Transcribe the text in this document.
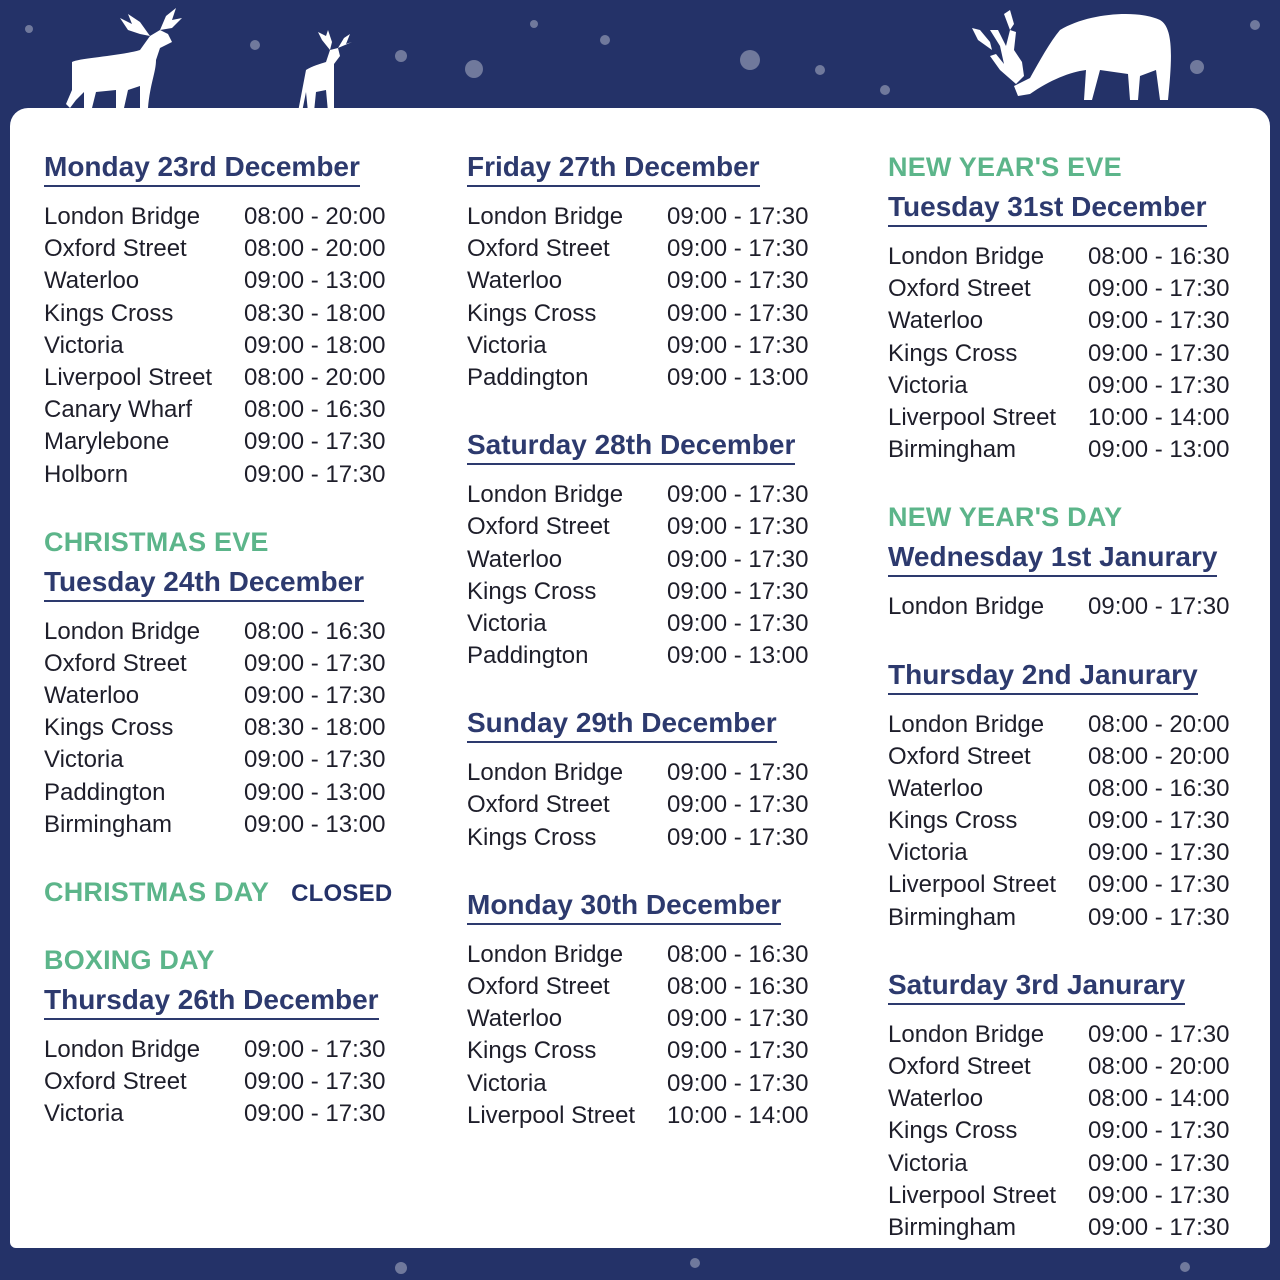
Monday 23rd December
London Bridge	08:00 - 20:00
Oxford Street	08:00 - 20:00
Waterloo	09:00 - 13:00
Kings Cross	08:30 - 18:00
Victoria	09:00 - 18:00
Liverpool Street	08:00 - 20:00
Canary Wharf	08:00 - 16:30
Marylebone	09:00 - 17:30
Holborn	09:00 - 17:30
CHRISTMAS EVE
Tuesday 24th December
London Bridge	08:00 - 16:30
Oxford Street	09:00 - 17:30
Waterloo	09:00 - 17:30
Kings Cross	08:30 - 18:00
Victoria	09:00 - 17:30
Paddington	09:00 - 13:00
Birmingham	09:00 - 13:00
CHRISTMAS DAY CLOSED
BOXING DAY
Thursday 26th December
London Bridge	09:00 - 17:30
Oxford Street	09:00 - 17:30
Victoria	09:00 - 17:30
Friday 27th December
London Bridge	09:00 - 17:30
Oxford Street	09:00 - 17:30
Waterloo	09:00 - 17:30
Kings Cross	09:00 - 17:30
Victoria	09:00 - 17:30
Paddington	09:00 - 13:00
Saturday 28th December
London Bridge	09:00 - 17:30
Oxford Street	09:00 - 17:30
Waterloo	09:00 - 17:30
Kings Cross	09:00 - 17:30
Victoria	09:00 - 17:30
Paddington	09:00 - 13:00
Sunday 29th December
London Bridge	09:00 - 17:30
Oxford Street	09:00 - 17:30
Kings Cross	09:00 - 17:30
Monday 30th December
London Bridge	08:00 - 16:30
Oxford Street	08:00 - 16:30
Waterloo	09:00 - 17:30
Kings Cross	09:00 - 17:30
Victoria	09:00 - 17:30
Liverpool Street	10:00 - 14:00
NEW YEAR'S EVE
Tuesday 31st December
London Bridge	08:00 - 16:30
Oxford Street	09:00 - 17:30
Waterloo	09:00 - 17:30
Kings Cross	09:00 - 17:30
Victoria	09:00 - 17:30
Liverpool Street	10:00 - 14:00
Birmingham	09:00 - 13:00
NEW YEAR'S DAY
Wednesday 1st Janurary
London Bridge	09:00 - 17:30
Thursday 2nd Janurary
London Bridge	08:00 - 20:00
Oxford Street	08:00 - 20:00
Waterloo	08:00 - 16:30
Kings Cross	09:00 - 17:30
Victoria	09:00 - 17:30
Liverpool Street	09:00 - 17:30
Birmingham	09:00 - 17:30
Saturday 3rd Janurary
London Bridge	09:00 - 17:30
Oxford Street	08:00 - 20:00
Waterloo	08:00 - 14:00
Kings Cross	09:00 - 17:30
Victoria	09:00 - 17:30
Liverpool Street	09:00 - 17:30
Birmingham	09:00 - 17:30
